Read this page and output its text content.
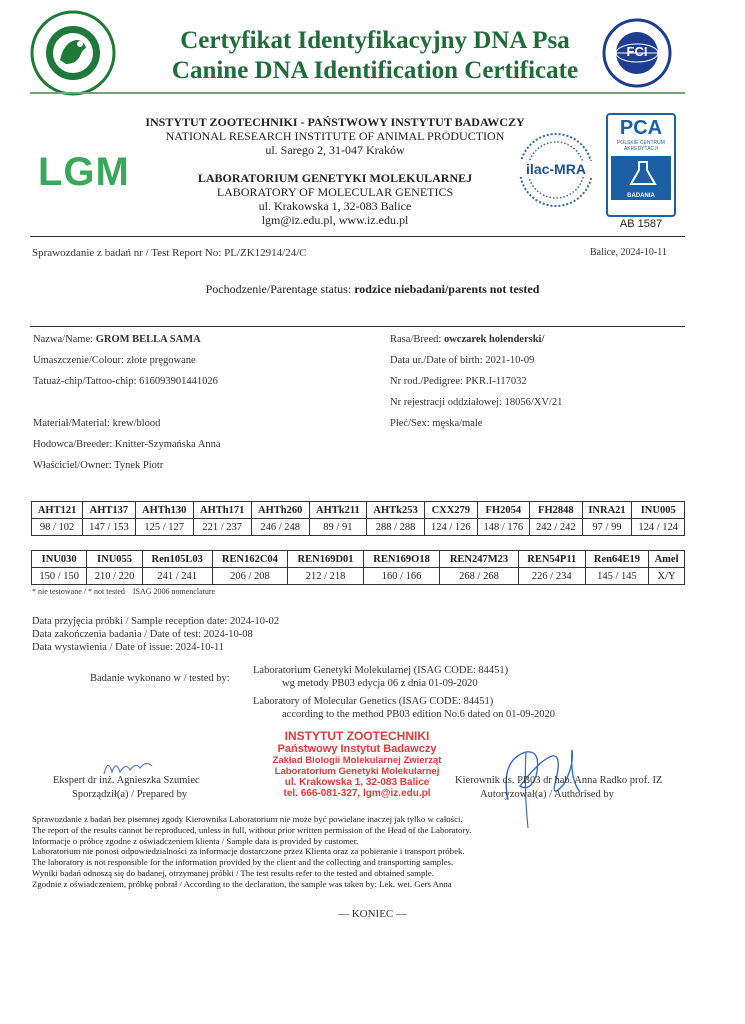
Certyfikat Identyfikacyjny DNA Psa
Canine DNA Identification Certificate
FCI
LGM
INSTYTUT ZOOTECHNIKI - PAŃSTWOWY INSTYTUT BADAWCZY
NATIONAL RESEARCH INSTITUTE OF ANIMAL PRODUCTION
ul. Sarego 2, 31-047 Kraków
LABORATORIUM GENETYKI MOLEKULARNEJ
LABORATORY OF MOLECULAR GENETICS
ul. Krakowska 1, 32-083 Balice
lgm@iz.edu.pl, www.iz.edu.pl
ilac-MRA
PCA
POLSKIE CENTRUM AKREDYTACJI
BADANIA
AB 1587
Sprawozdanie z badań nr / Test Report No: PL/ZK12914/24/C	Balice, 2024-10-11
Pochodzenie/Parentage status: rodzice niebadani/parents not tested
Nazwa/Name: GROM BELLA SAMA
Umaszczenie/Colour: złote pręgowane
Tatuaż-chip/Tattoo-chip: 616093901441026
Materiał/Material: krew/blood
Hodowca/Breeder: Knitter-Szymańska Anna
Właściciel/Owner: Tynek Piotr
Rasa/Breed: owczarek holenderski/
Data ur./Date of birth: 2021-10-09
Nr rod./Pedigree: PKR.I-117032
Nr rejestracji oddziałowej: 18056/XV/21
Płeć/Sex: męska/male
AHT121	AHT137	AHTh130	AHTh171	AHTh260	AHTk211	AHTk253	CXX279	FH2054	FH2848	INRA21	INU005
98 / 102	147 / 153	125 / 127	221 / 237	246 / 248	89 / 91	288 / 288	124 / 126	148 / 176	242 / 242	97 / 99	124 / 124
INU030	INU055	Ren105L03	REN162C04	REN169D01	REN169O18	REN247M23	REN54P11	Ren64E19	Amel
150 / 150	210 / 220	241 / 241	206 / 208	212 / 218	160 / 166	268 / 268	226 / 234	145 / 145	X/Y
* nie testowane / * not tested    ISAG 2006 nomenclature
Data przyjęcia próbki / Sample reception date: 2024-10-02
Data zakończenia badania / Date of test: 2024-10-08
Data wystawienia / Date of issue: 2024-10-11
Badanie wykonano w / tested by:
Laboratorium Genetyki Molekularnej (ISAG CODE: 84451)
wg metody PB03 edycja 06 z dnia 01-09-2020
Laboratory of Molecular Genetics (ISAG CODE: 84451)
according to the method PB03 edition No.6 dated on 01-09-2020
INSTYTUT ZOOTECHNIKI
Państwowy Instytut Badawczy
Zakład Biologii Molekularnej Zwierząt
Laboratorium Genetyki Molekularnej
ul. Krakowska 1, 32-083 Balice
tel. 666-081-327, lgm@iz.edu.pl
Ekspert dr inż. Agnieszka Szumiec
Sporządził(a) / Prepared by
Kierownik ds. PB03 dr hab. Anna Radko prof. IZ
Autoryzował(a) / Authorised by
Sprawozdanie z badań bez pisemnej zgody Kierownika Laboratorium nie może być powielane inaczej jak tylko w całości.
The report of the results cannot be reproduced, unless in full, without prior written permission of the Head of the Laboratory.
Informacje o próbce zgodne z oświadczeniem klienta / Sample data is provided by customer.
Laboratorium nie ponosi odpowiedzialności za informacje dostarczone przez Klienta oraz za pobieranie i transport próbek.
The laboratory is not responsible for the information provided by the client and the collecting and transporting samples.
Wyniki badań odnoszą się do badanej, otrzymanej próbki / The test results refer to the tested and obtained sample.
Zgodnie z oświadczeniem, próbkę pobrał / According to the declaration, the sample was taken by: Lek. wet. Gers Anna
— KONIEC —
